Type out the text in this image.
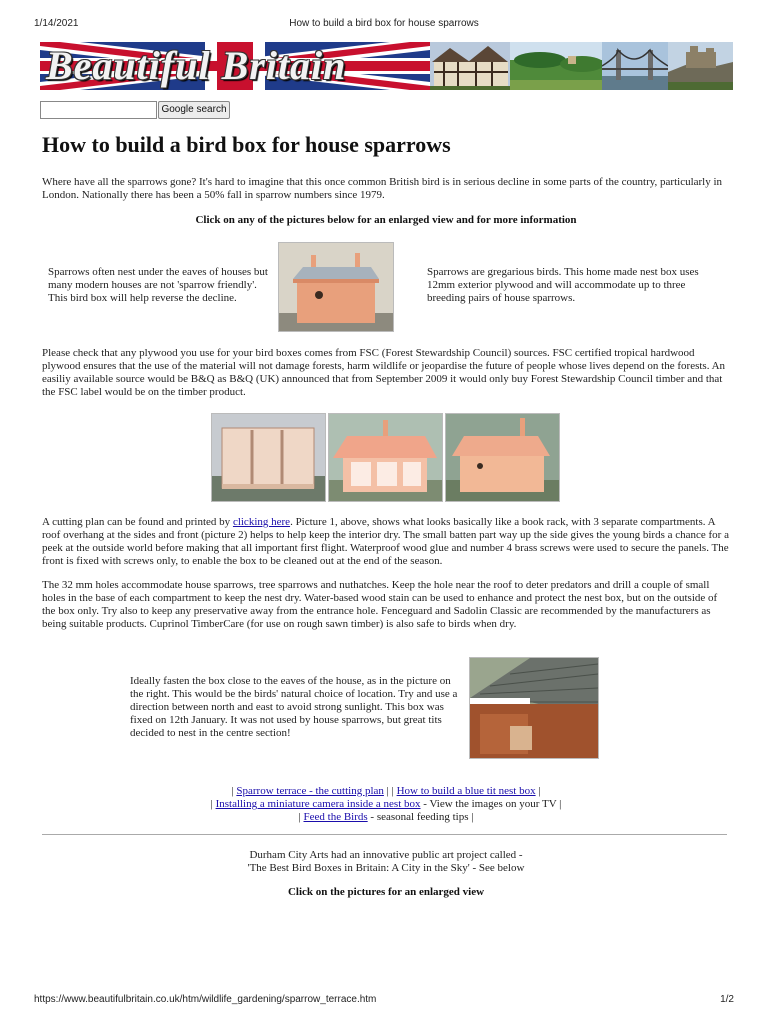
1/14/2021	How to build a bird box for house sparrows
Beautiful Britain
Google search
How to build a bird box for house sparrows

Where have all the sparrows gone? It's hard to imagine that this once common British bird is in serious decline in some parts of the country, particularly in London. Nationally there has been a 50% fall in sparrow numbers since 1979.

Click on any of the pictures below for an enlarged view and for more information

Sparrows often nest under the eaves of houses but many modern houses are not 'sparrow friendly'. This bird box will help reverse the decline.

Sparrows are gregarious birds. This home made nest box uses 12mm exterior plywood and will accommodate up to three breeding pairs of house sparrows.

Please check that any plywood you use for your bird boxes comes from FSC (Forest Stewardship Council) sources. FSC certified tropical hardwood plywood ensures that the use of the material will not damage forests, harm wildlife or jeopardise the future of people whose lives depend on the forests. An easiliy available source would be B&Q as B&Q (UK) announced that from September 2009 it would only buy Forest Stewardship Council timber and that the FSC label would be on the timber product.

A cutting plan can be found and printed by clicking here. Picture 1, above, shows what looks basically like a book rack, with 3 separate compartments. A roof overhang at the sides and front (picture 2) helps to help keep the interior dry. The small batten part way up the side gives the young birds a chance for a peek at the outside world before making that all important first flight. Waterproof wood glue and number 4 brass screws were used to secure the panels. The front is fixed with screws only, to enable the box to be cleaned out at the end of the season.

The 32 mm holes accommodate house sparrows, tree sparrows and nuthatches. Keep the hole near the roof to deter predators and drill a couple of small holes in the base of each compartment to keep the nest dry. Water-based wood stain can be used to enhance and protect the nest box, but on the outside of the box only. Try also to keep any preservative away from the entrance hole. Fenceguard and Sadolin Classic are recommended by the manufacturers as being suitable products. Cuprinol TimberCare (for use on rough sawn timber) is also safe to birds when dry.

Ideally fasten the box close to the eaves of the house, as in the picture on the right. This would be the birds' natural choice of location. Try and use a direction between north and east to avoid strong sunlight. This box was fixed on 12th January. It was not used by house sparrows, but great tits decided to nest in the centre section!

| Sparrow terrace - the cutting plan | | How to build a blue tit nest box |

| Installing a miniature camera inside a nest box - View the images on your TV |

| Feed the Birds - seasonal feeding tips |

Durham City Arts had an innovative public art project called -

'The Best Bird Boxes in Britain: A City in the Sky' - See below

Click on the pictures for an enlarged view

https://www.beautifulbritain.co.uk/htm/wildlife_gardening/sparrow_terrace.htm	1/2
